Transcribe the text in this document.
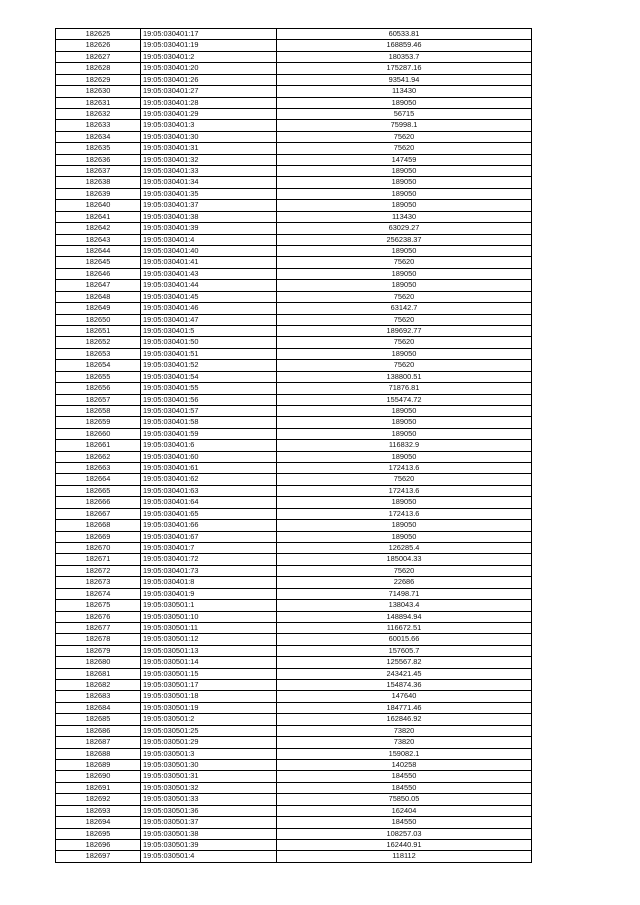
182625	19:05:030401:17	60533.81
182626	19:05:030401:19	168859.46
182627	19:05:030401:2	180353.7
182628	19:05:030401:20	175287.16
182629	19:05:030401:26	93541.94
182630	19:05:030401:27	113430
182631	19:05:030401:28	189050
182632	19:05:030401:29	56715
182633	19:05:030401:3	75998.1
182634	19:05:030401:30	75620
182635	19:05:030401:31	75620
182636	19:05:030401:32	147459
182637	19:05:030401:33	189050
182638	19:05:030401:34	189050
182639	19:05:030401:35	189050
182640	19:05:030401:37	189050
182641	19:05:030401:38	113430
182642	19:05:030401:39	63029.27
182643	19:05:030401:4	256238.37
182644	19:05:030401:40	189050
182645	19:05:030401:41	75620
182646	19:05:030401:43	189050
182647	19:05:030401:44	189050
182648	19:05:030401:45	75620
182649	19:05:030401:46	63142.7
182650	19:05:030401:47	75620
182651	19:05:030401:5	189692.77
182652	19:05:030401:50	75620
182653	19:05:030401:51	189050
182654	19:05:030401:52	75620
182655	19:05:030401:54	138800.51
182656	19:05:030401:55	71876.81
182657	19:05:030401:56	155474.72
182658	19:05:030401:57	189050
182659	19:05:030401:58	189050
182660	19:05:030401:59	189050
182661	19:05:030401:6	116832.9
182662	19:05:030401:60	189050
182663	19:05:030401:61	172413.6
182664	19:05:030401:62	75620
182665	19:05:030401:63	172413.6
182666	19:05:030401:64	189050
182667	19:05:030401:65	172413.6
182668	19:05:030401:66	189050
182669	19:05:030401:67	189050
182670	19:05:030401:7	126285.4
182671	19:05:030401:72	185004.33
182672	19:05:030401:73	75620
182673	19:05:030401:8	22686
182674	19:05:030401:9	71498.71
182675	19:05:030501:1	138043.4
182676	19:05:030501:10	148894.94
182677	19:05:030501:11	116672.51
182678	19:05:030501:12	60015.66
182679	19:05:030501:13	157605.7
182680	19:05:030501:14	125567.82
182681	19:05:030501:15	243421.45
182682	19:05:030501:17	154874.36
182683	19:05:030501:18	147640
182684	19:05:030501:19	184771.46
182685	19:05:030501:2	162846.92
182686	19:05:030501:25	73820
182687	19:05:030501:29	73820
182688	19:05:030501:3	159082.1
182689	19:05:030501:30	140258
182690	19:05:030501:31	184550
182691	19:05:030501:32	184550
182692	19:05:030501:33	75850.05
182693	19:05:030501:36	162404
182694	19:05:030501:37	184550
182695	19:05:030501:38	108257.03
182696	19:05:030501:39	162440.91
182697	19:05:030501:4	118112
